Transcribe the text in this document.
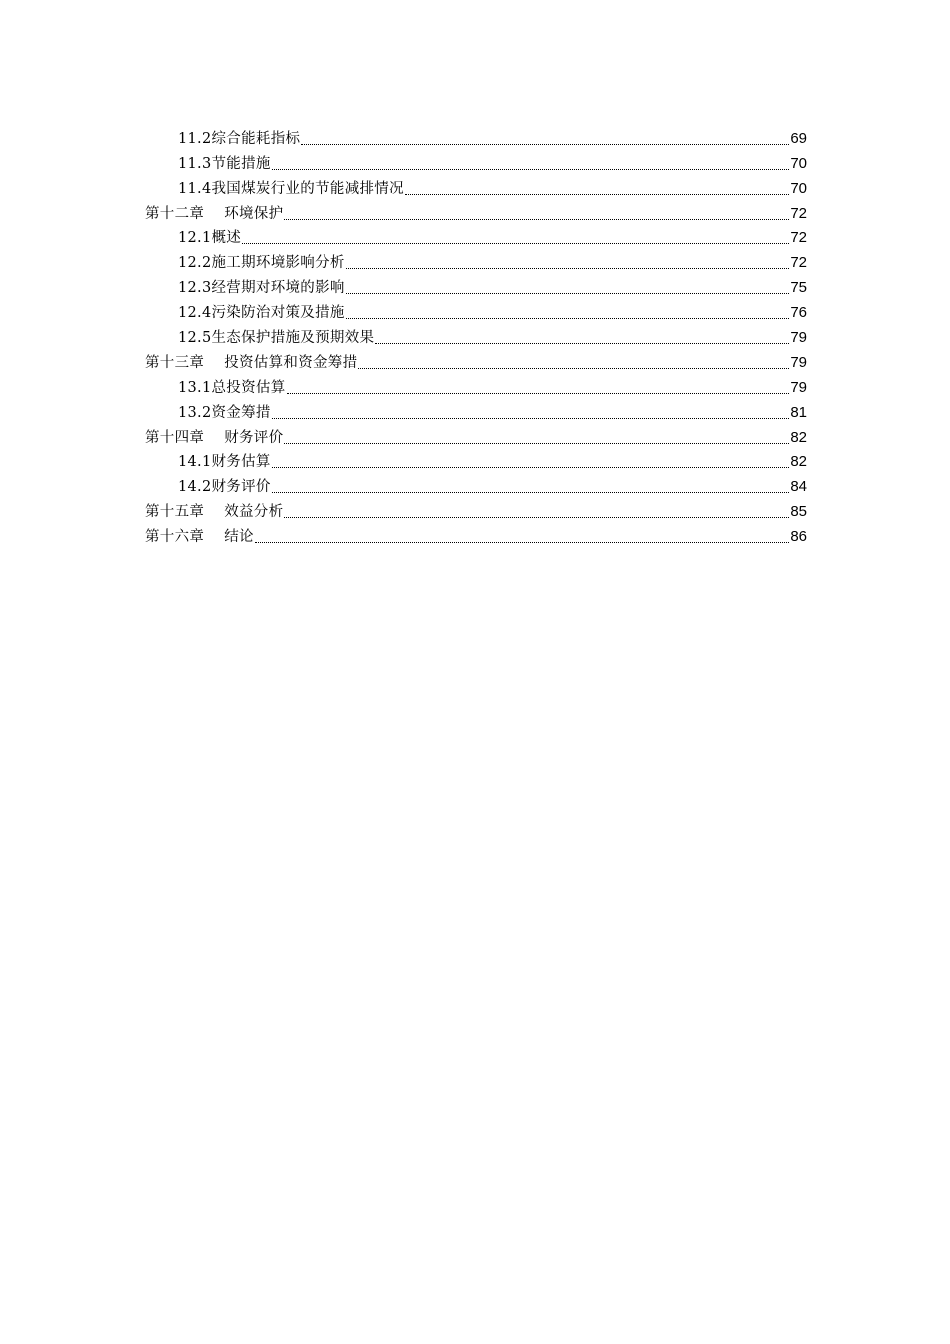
11.2综合能耗指标	69
11.3节能措施	70
11.4我国煤炭行业的节能减排情况	70
第十二章 环境保护	72
12.1概述	72
12.2施工期环境影响分析	72
12.3经营期对环境的影响	75
12.4污染防治对策及措施	76
12.5生态保护措施及预期效果	79
第十三章 投资估算和资金筹措	79
13.1总投资估算	79
13.2资金筹措	81
第十四章 财务评价	82
14.1财务估算	82
14.2财务评价	84
第十五章 效益分析	85
第十六章 结论	86
